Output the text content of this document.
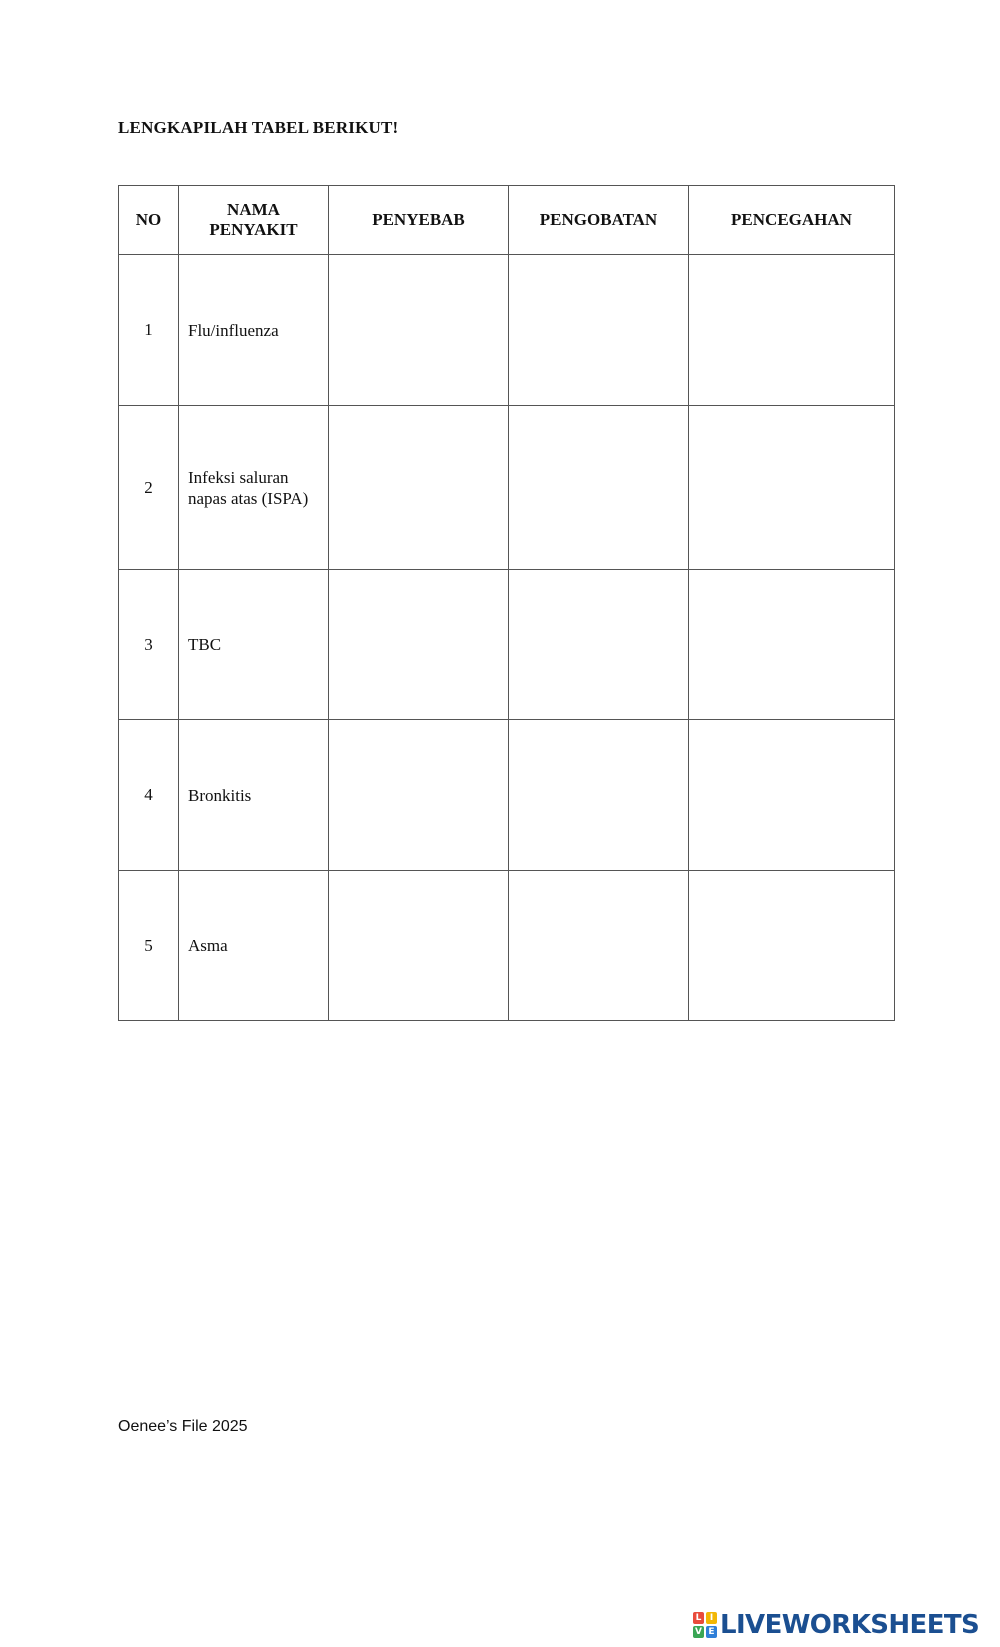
LENGKAPILAH TABEL BERIKUT!
NO	NAMA PENYAKIT	PENYEBAB	PENGOBATAN	PENCEGAHAN
1	Flu/influenza			
2	Infeksi saluran napas atas (ISPA)			
3	TBC			
4	Bronkitis			
5	Asma			
Oenee’s File 2025
L I
V E LIVEWORKSHEETS
